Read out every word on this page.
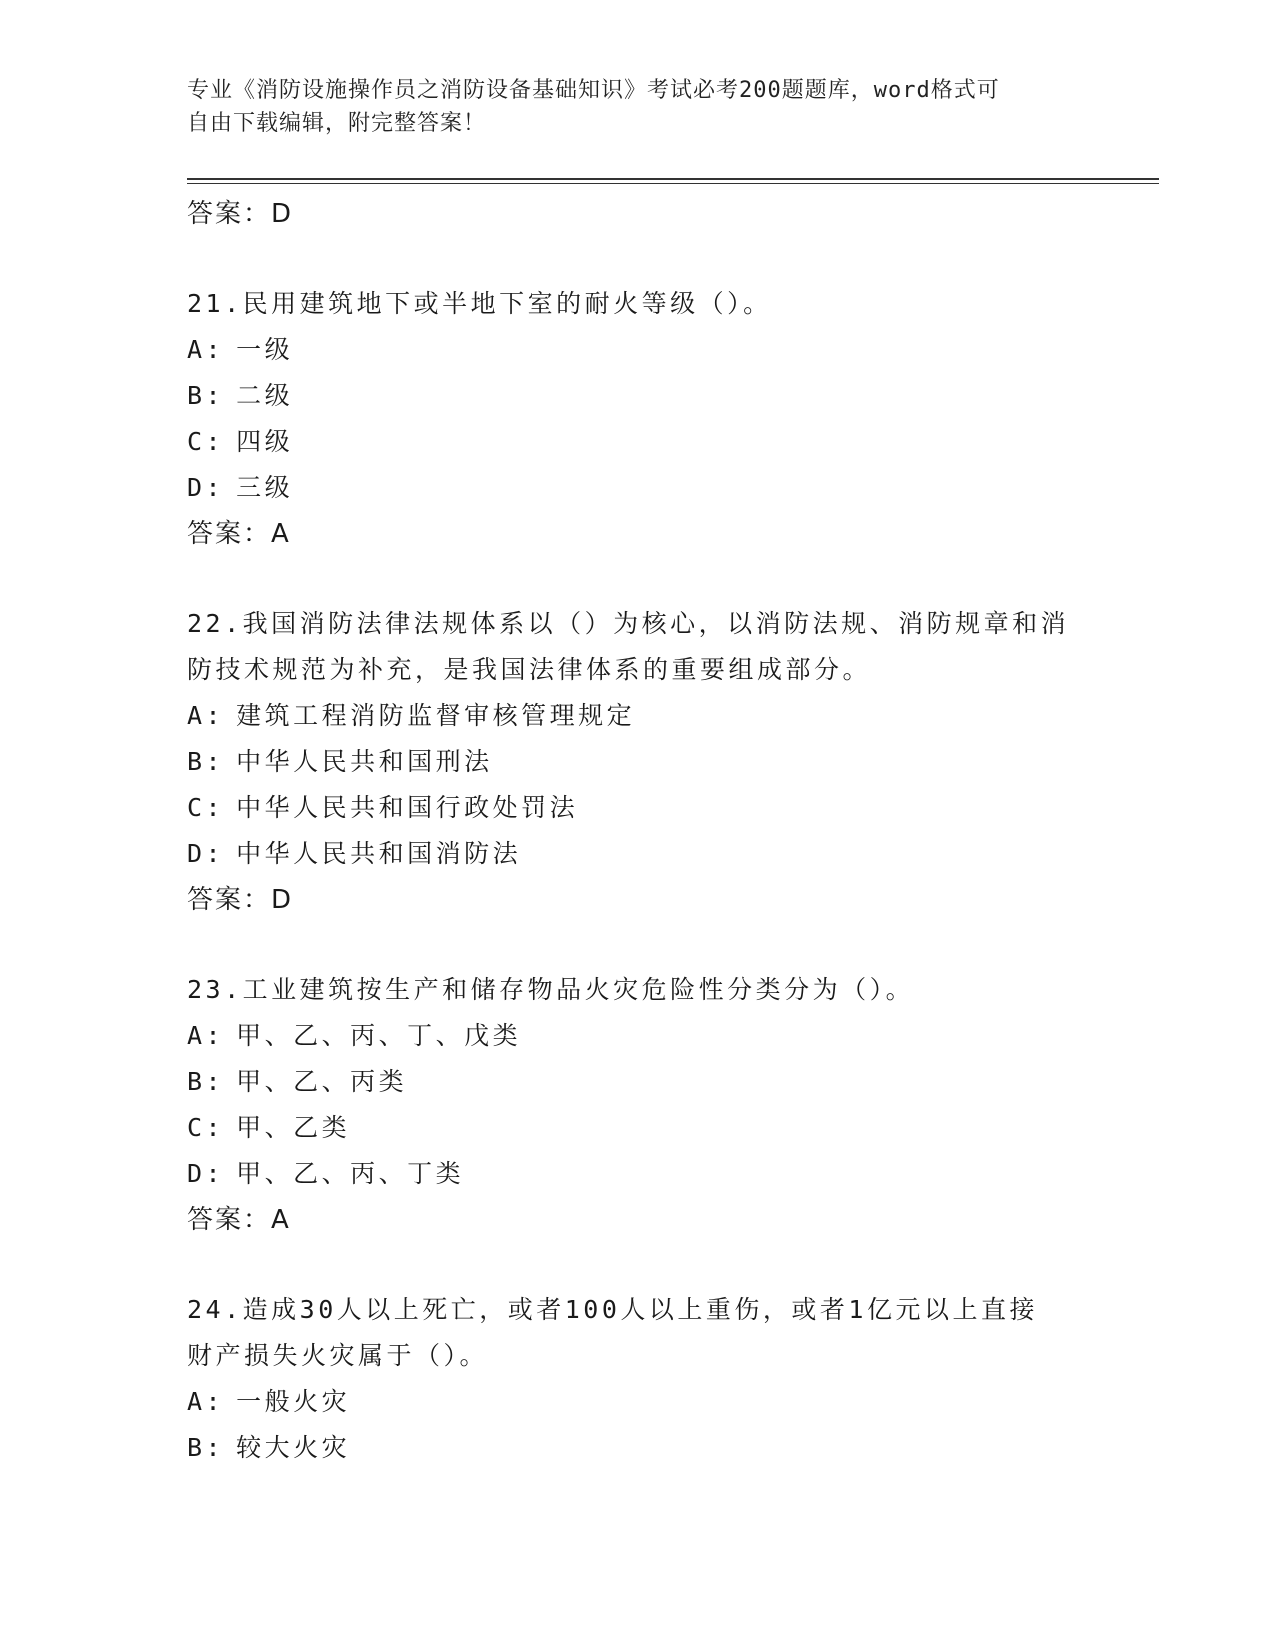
专业《消防设施操作员之消防设备基础知识》考试必考200题题库，word格式可
自由下载编辑，附完整答案！
答案：D
21.民用建筑地下或半地下室的耐火等级（）。
A: 一级
B: 二级
C: 四级
D: 三级
答案：A
22.我国消防法律法规体系以（）为核心，以消防法规、消防规章和消
防技术规范为补充，是我国法律体系的重要组成部分。
A: 建筑工程消防监督审核管理规定
B: 中华人民共和国刑法
C: 中华人民共和国行政处罚法
D: 中华人民共和国消防法
答案：D
23.工业建筑按生产和储存物品火灾危险性分类分为（）。
A: 甲、乙、丙、丁、戊类
B: 甲、乙、丙类
C: 甲、乙类
D: 甲、乙、丙、丁类
答案：A
24.造成30人以上死亡，或者100人以上重伤，或者1亿元以上直接
财产损失火灾属于（）。
A: 一般火灾
B: 较大火灾
